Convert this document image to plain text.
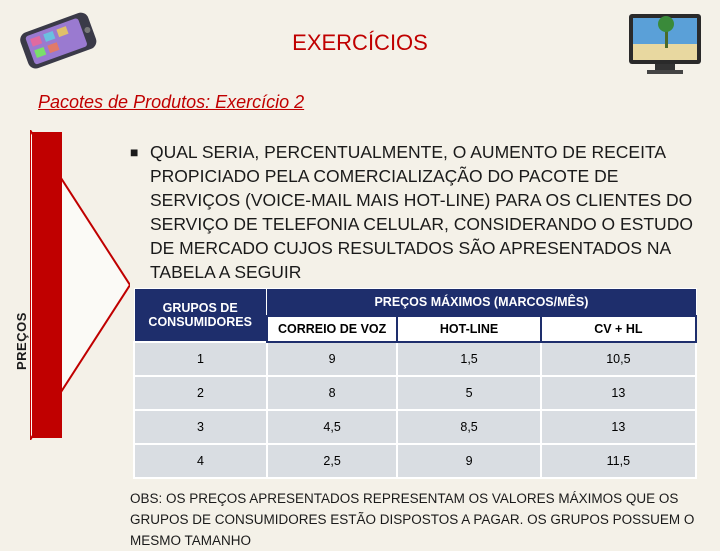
EXERCÍCIOS
Pacotes de Produtos: Exercício 2
PREÇOS
■ QUAL SERIA, PERCENTUALMENTE, O AUMENTO DE RECEITA PROPICIADO PELA COMERCIALIZAÇÃO DO PACOTE DE SERVIÇOS (VOICE-MAIL MAIS HOT-LINE) PARA OS CLIENTES DO SERVIÇO DE TELEFONIA CELULAR, CONSIDERANDO O ESTUDO DE MERCADO CUJOS RESULTADOS SÃO APRESENTADOS NA TABELA A SEGUIR
GRUPOS DE CONSUMIDORES	PREÇOS MÁXIMOS (MARCOS/MÊS)		
	CORREIO DE VOZ	HOT-LINE	CV + HL
1	9	1,5	10,5
2	8	5	13
3	4,5	8,5	13
4	2,5	9	11,5
OBS: OS PREÇOS APRESENTADOS REPRESENTAM OS VALORES MÁXIMOS QUE OS GRUPOS DE CONSUMIDORES ESTÃO DISPOSTOS A PAGAR. OS GRUPOS POSSUEM O MESMO TAMANHO
